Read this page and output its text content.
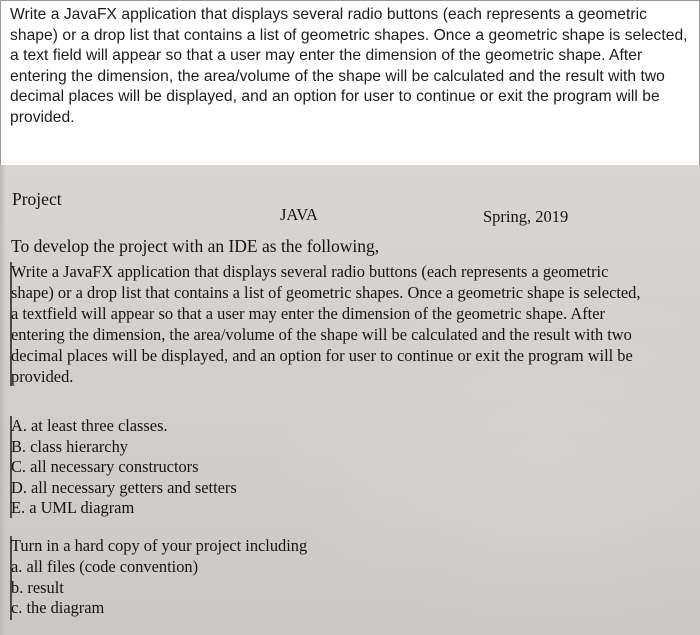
Write a JavaFX application that displays several radio buttons (each represents a geometric
shape) or a drop list that contains a list of geometric shapes. Once a geometric shape is selected,
a text field will appear so that a user may enter the dimension of the geometric shape. After
entering the dimension, the area/volume of the shape will be calculated and the result with two
decimal places will be displayed, and an option for user to continue or exit the program will be
provided.
Project
JAVA	Spring, 2019
To develop the project with an IDE as the following,
Write a JavaFX application that displays several radio buttons (each represents a geometric
shape) or a drop list that contains a list of geometric shapes. Once a geometric shape is selected,
a textfield will appear so that a user may enter the dimension of the geometric shape. After
entering the dimension, the area/volume of the shape will be calculated and the result with two
decimal places will be displayed, and an option for user to continue or exit the program will be
provided.
A. at least three classes.
B. class hierarchy
C. all necessary constructors
D. all necessary getters and setters
E. a UML diagram
Turn in a hard copy of your project including
a. all files (code convention)
b. result
c. the diagram
